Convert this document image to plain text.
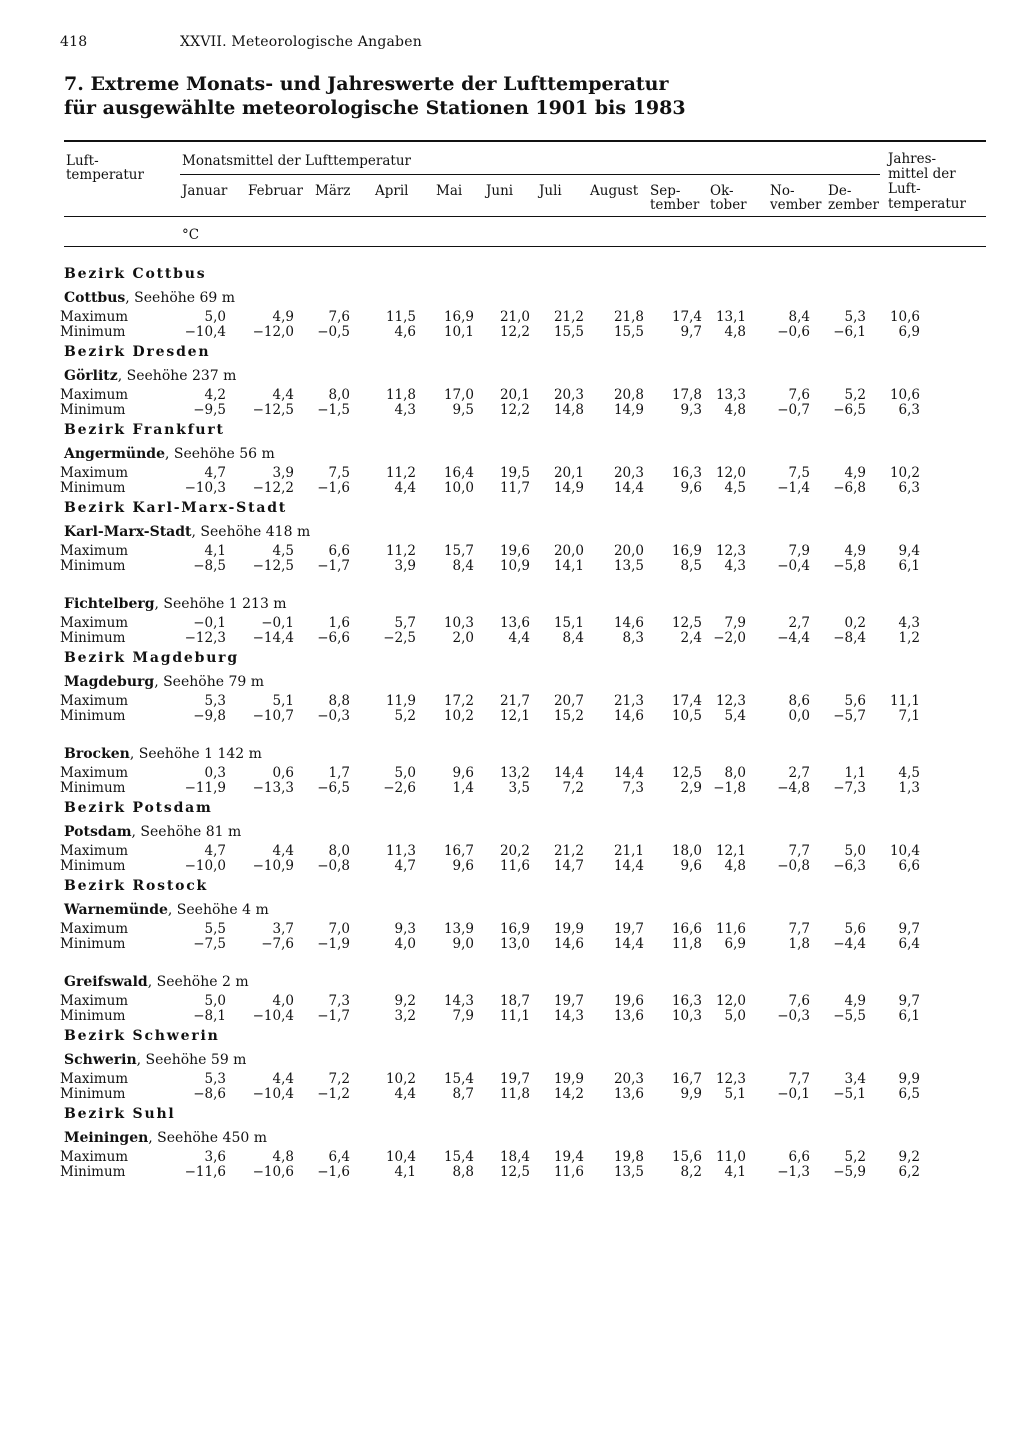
418	XXVII. Meteorologische Angaben
7. Extreme Monats- und Jahreswerte der Lufttemperatur
für ausgewählte meteorologische Stationen 1901 bis 1983
Luft-
temperatur
Monatsmittel der Lufttemperatur	Jahres-
mittel der
Luft-
temperatur
Januar Februar März April Mai Juni Juli August Sep-
tember
Ok-
tober
No-
vember
De-
zember
°C
Bezirk Cottbus
Cottbus, Seehöhe 69 m
Maximum	5,0	4,9	7,6	11,5	16,9	21,0	21,2	21,8	17,4	13,1	8,4	5,3	10,6
Minimum	−10,4	−12,0	−0,5	4,6	10,1	12,2	15,5	15,5	9,7	4,8	−0,6	−6,1	6,9
Bezirk Dresden
Görlitz, Seehöhe 237 m
Maximum	4,2	4,4	8,0	11,8	17,0	20,1	20,3	20,8	17,8	13,3	7,6	5,2	10,6
Minimum	−9,5	−12,5	−1,5	4,3	9,5	12,2	14,8	14,9	9,3	4,8	−0,7	−6,5	6,3
Bezirk Frankfurt
Angermünde, Seehöhe 56 m
Maximum	4,7	3,9	7,5	11,2	16,4	19,5	20,1	20,3	16,3	12,0	7,5	4,9	10,2
Minimum	−10,3	−12,2	−1,6	4,4	10,0	11,7	14,9	14,4	9,6	4,5	−1,4	−6,8	6,3
Bezirk Karl-Marx-Stadt
Karl-Marx-Stadt, Seehöhe 418 m
Maximum	4,1	4,5	6,6	11,2	15,7	19,6	20,0	20,0	16,9	12,3	7,9	4,9	9,4
Minimum	−8,5	−12,5	−1,7	3,9	8,4	10,9	14,1	13,5	8,5	4,3	−0,4	−5,8	6,1
Fichtelberg, Seehöhe 1 213 m
Maximum	−0,1	−0,1	1,6	5,7	10,3	13,6	15,1	14,6	12,5	7,9	2,7	0,2	4,3
Minimum	−12,3	−14,4	−6,6	−2,5	2,0	4,4	8,4	8,3	2,4 −2,0	−4,4	−8,4	1,2
Bezirk Magdeburg
Magdeburg, Seehöhe 79 m
Maximum	5,3	5,1	8,8	11,9	17,2	21,7	20,7	21,3	17,4	12,3	8,6	5,6	11,1
Minimum	−9,8	−10,7	−0,3	5,2	10,2	12,1	15,2	14,6	10,5	5,4	0,0	−5,7	7,1
Brocken, Seehöhe 1 142 m
Maximum	0,3	0,6	1,7	5,0	9,6	13,2	14,4	14,4	12,5	8,0	2,7	1,1	4,5
Minimum	−11,9	−13,3	−6,5	−2,6	1,4	3,5	7,2	7,3	2,9 −1,8	−4,8	−7,3	1,3
Bezirk Potsdam
Potsdam, Seehöhe 81 m
Maximum	4,7	4,4	8,0	11,3	16,7	20,2	21,2	21,1	18,0	12,1	7,7	5,0	10,4
Minimum	−10,0	−10,9	−0,8	4,7	9,6	11,6	14,7	14,4	9,6	4,8	−0,8	−6,3	6,6
Bezirk Rostock
Warnemünde, Seehöhe 4 m
Maximum	5,5	3,7	7,0	9,3	13,9	16,9	19,9	19,7	16,6	11,6	7,7	5,6	9,7
Minimum	−7,5	−7,6	−1,9	4,0	9,0	13,0	14,6	14,4	11,8	6,9	1,8	−4,4	6,4
Greifswald, Seehöhe 2 m
Maximum	5,0	4,0	7,3	9,2	14,3	18,7	19,7	19,6	16,3	12,0	7,6	4,9	9,7
Minimum	−8,1	−10,4	−1,7	3,2	7,9	11,1	14,3	13,6	10,3	5,0	−0,3	−5,5	6,1
Bezirk Schwerin
Schwerin, Seehöhe 59 m
Maximum	5,3	4,4	7,2	10,2	15,4	19,7	19,9	20,3	16,7	12,3	7,7	3,4	9,9
Minimum	−8,6	−10,4	−1,2	4,4	8,7	11,8	14,2	13,6	9,9	5,1	−0,1	−5,1	6,5
Bezirk Suhl
Meiningen, Seehöhe 450 m
Maximum	3,6	4,8	6,4	10,4	15,4	18,4	19,4	19,8	15,6	11,0	6,6	5,2	9,2
Minimum	−11,6	−10,6	−1,6	4,1	8,8	12,5	11,6	13,5	8,2	4,1	−1,3	−5,9	6,2
